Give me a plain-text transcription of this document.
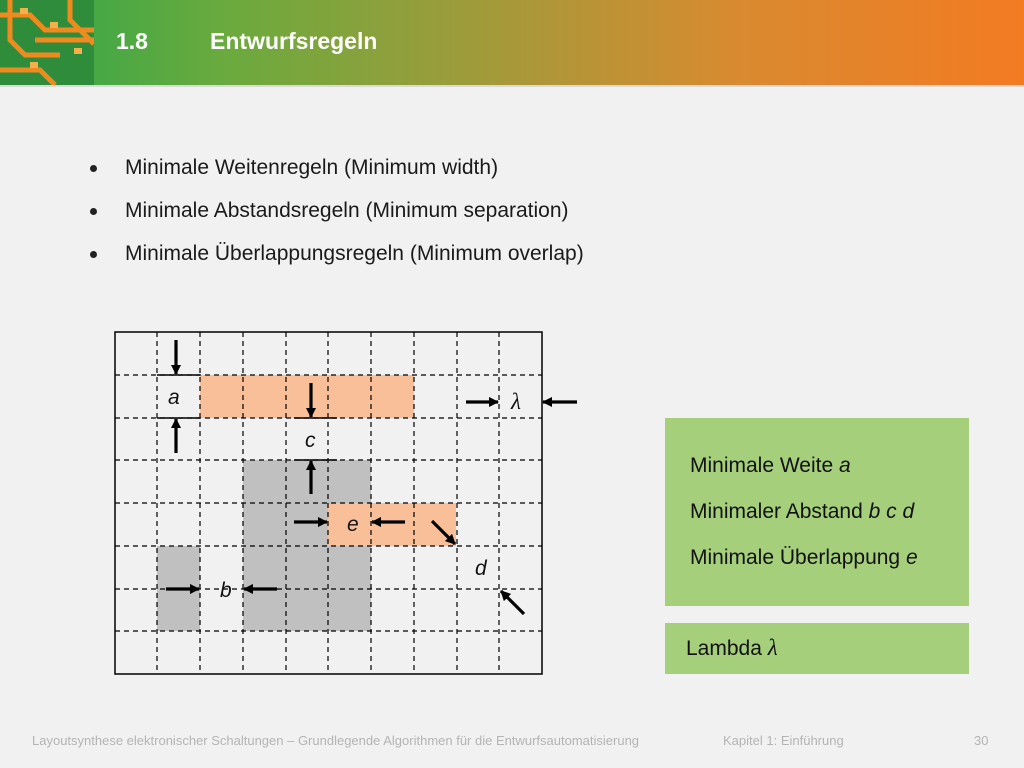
1.8	Entwurfsregeln
Minimale Weitenregeln (Minimum width)
Minimale Abstandsregeln (Minimum separation)
Minimale Überlappungsregeln (Minimum overlap)
a
c
e
d
b
λ
Minimale Weite a
Minimaler Abstand b c d
Minimale Überlappung e
Lambda λ
Layoutsynthese elektronischer Schaltungen – Grundlegende Algorithmen für die Entwurfsautomatisierung	Kapitel 1: Einführung	30
